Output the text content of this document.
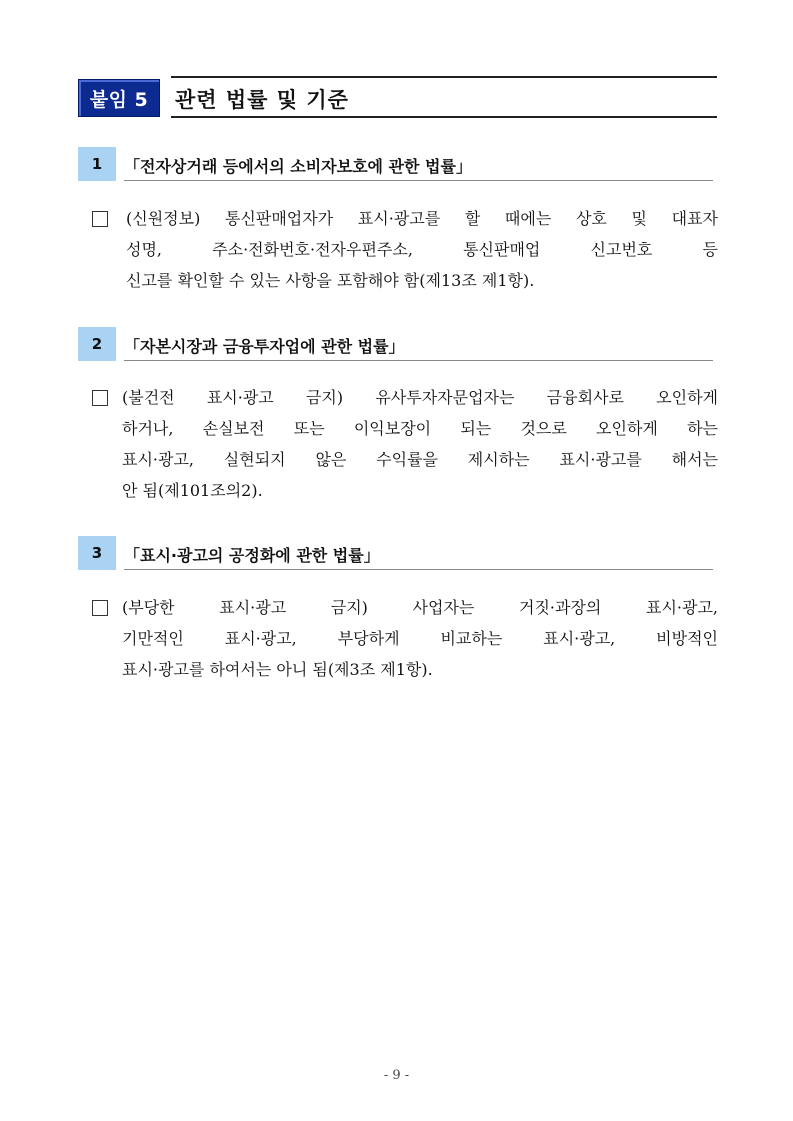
붙임 5	관련 법률 및 기준
1	「전자상거래 등에서의 소비자보호에 관한 법률」
(신원정보) 통신판매업자가 표시·광고를 할 때에는 상호 및 대표자
성명, 주소·전화번호·전자우편주소, 통신판매업 신고번호 등
신고를 확인할 수 있는 사항을 포함해야 함(제13조 제1항).
2	「자본시장과 금융투자업에 관한 법률」
(불건전 표시·광고 금지) 유사투자자문업자는 금융회사로 오인하게
하거나, 손실보전 또는 이익보장이 되는 것으로 오인하게 하는
표시·광고, 실현되지 않은 수익률을 제시하는 표시·광고를 해서는
안 됨(제101조의2).
3	「표시·광고의 공정화에 관한 법률」
(부당한 표시·광고 금지) 사업자는 거짓·과장의 표시·광고,
기만적인 표시·광고, 부당하게 비교하는 표시·광고, 비방적인
표시·광고를 하여서는 아니 됨(제3조 제1항).
- 9 -
